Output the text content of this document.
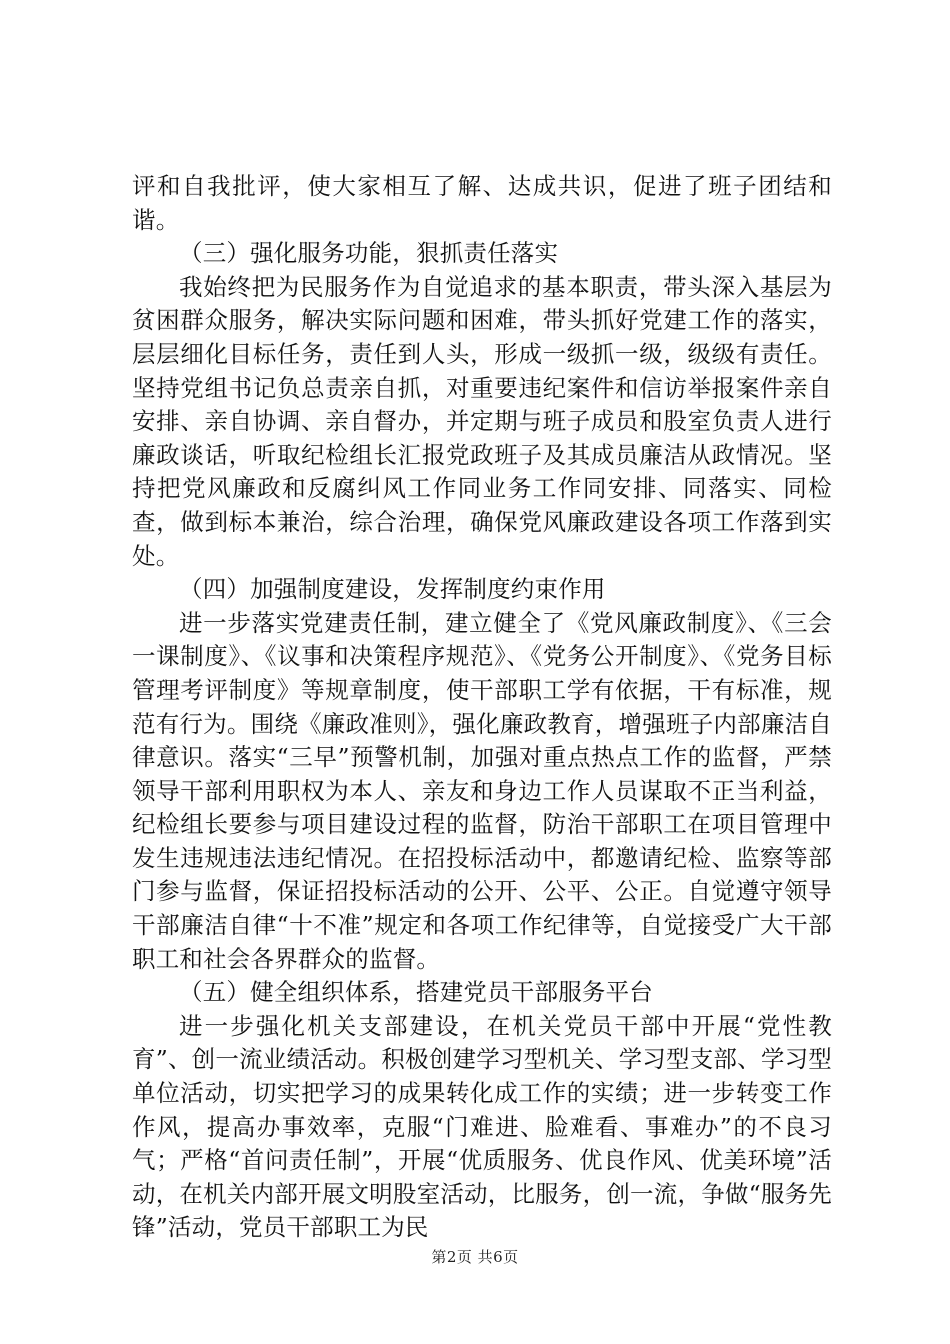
评和自我批评，使大家相互了解、达成共识，促进了班子团结和谐。

（三）强化服务功能，狠抓责任落实

我始终把为民服务作为自觉追求的基本职责，带头深入基层为贫困群众服务，解决实际问题和困难，带头抓好党建工作的落实，层层细化目标任务，责任到人头，形成一级抓一级，级级有责任。坚持党组书记负总责亲自抓，对重要违纪案件和信访举报案件亲自安排、亲自协调、亲自督办，并定期与班子成员和股室负责人进行廉政谈话，听取纪检组长汇报党政班子及其成员廉洁从政情况。坚持把党风廉政和反腐纠风工作同业务工作同安排、同落实、同检查，做到标本兼治，综合治理，确保党风廉政建设各项工作落到实处。

（四）加强制度建设，发挥制度约束作用

进一步落实党建责任制，建立健全了《党风廉政制度》、《三会一课制度》、《议事和决策程序规范》、《党务公开制度》、《党务目标管理考评制度》等规章制度，使干部职工学有依据，干有标准，规范有行为。围绕《廉政准则》，强化廉政教育，增强班子内部廉洁自律意识。落实“三早”预警机制，加强对重点热点工作的监督，严禁领导干部利用职权为本人、亲友和身边工作人员谋取不正当利益，纪检组长要参与项目建设过程的监督，防治干部职工在项目管理中发生违规违法违纪情况。在招投标活动中，都邀请纪检、监察等部门参与监督，保证招投标活动的公开、公平、公正。自觉遵守领导干部廉洁自律“十不准”规定和各项工作纪律等，自觉接受广大干部职工和社会各界群众的监督。

（五）健全组织体系，搭建党员干部服务平台

进一步强化机关支部建设，在机关党员干部中开展“党性教育”、创一流业绩活动。积极创建学习型机关、学习型支部、学习型单位活动，切实把学习的成果转化成工作的实绩；进一步转变工作作风，提高办事效率，克服“门难进、脸难看、事难办”的不良习气；严格“首问责任制”，开展“优质服务、优良作风、优美环境”活动，在机关内部开展文明股室活动，比服务，创一流，争做“服务先锋”活动，党员干部职工为民

第2页 共6页
